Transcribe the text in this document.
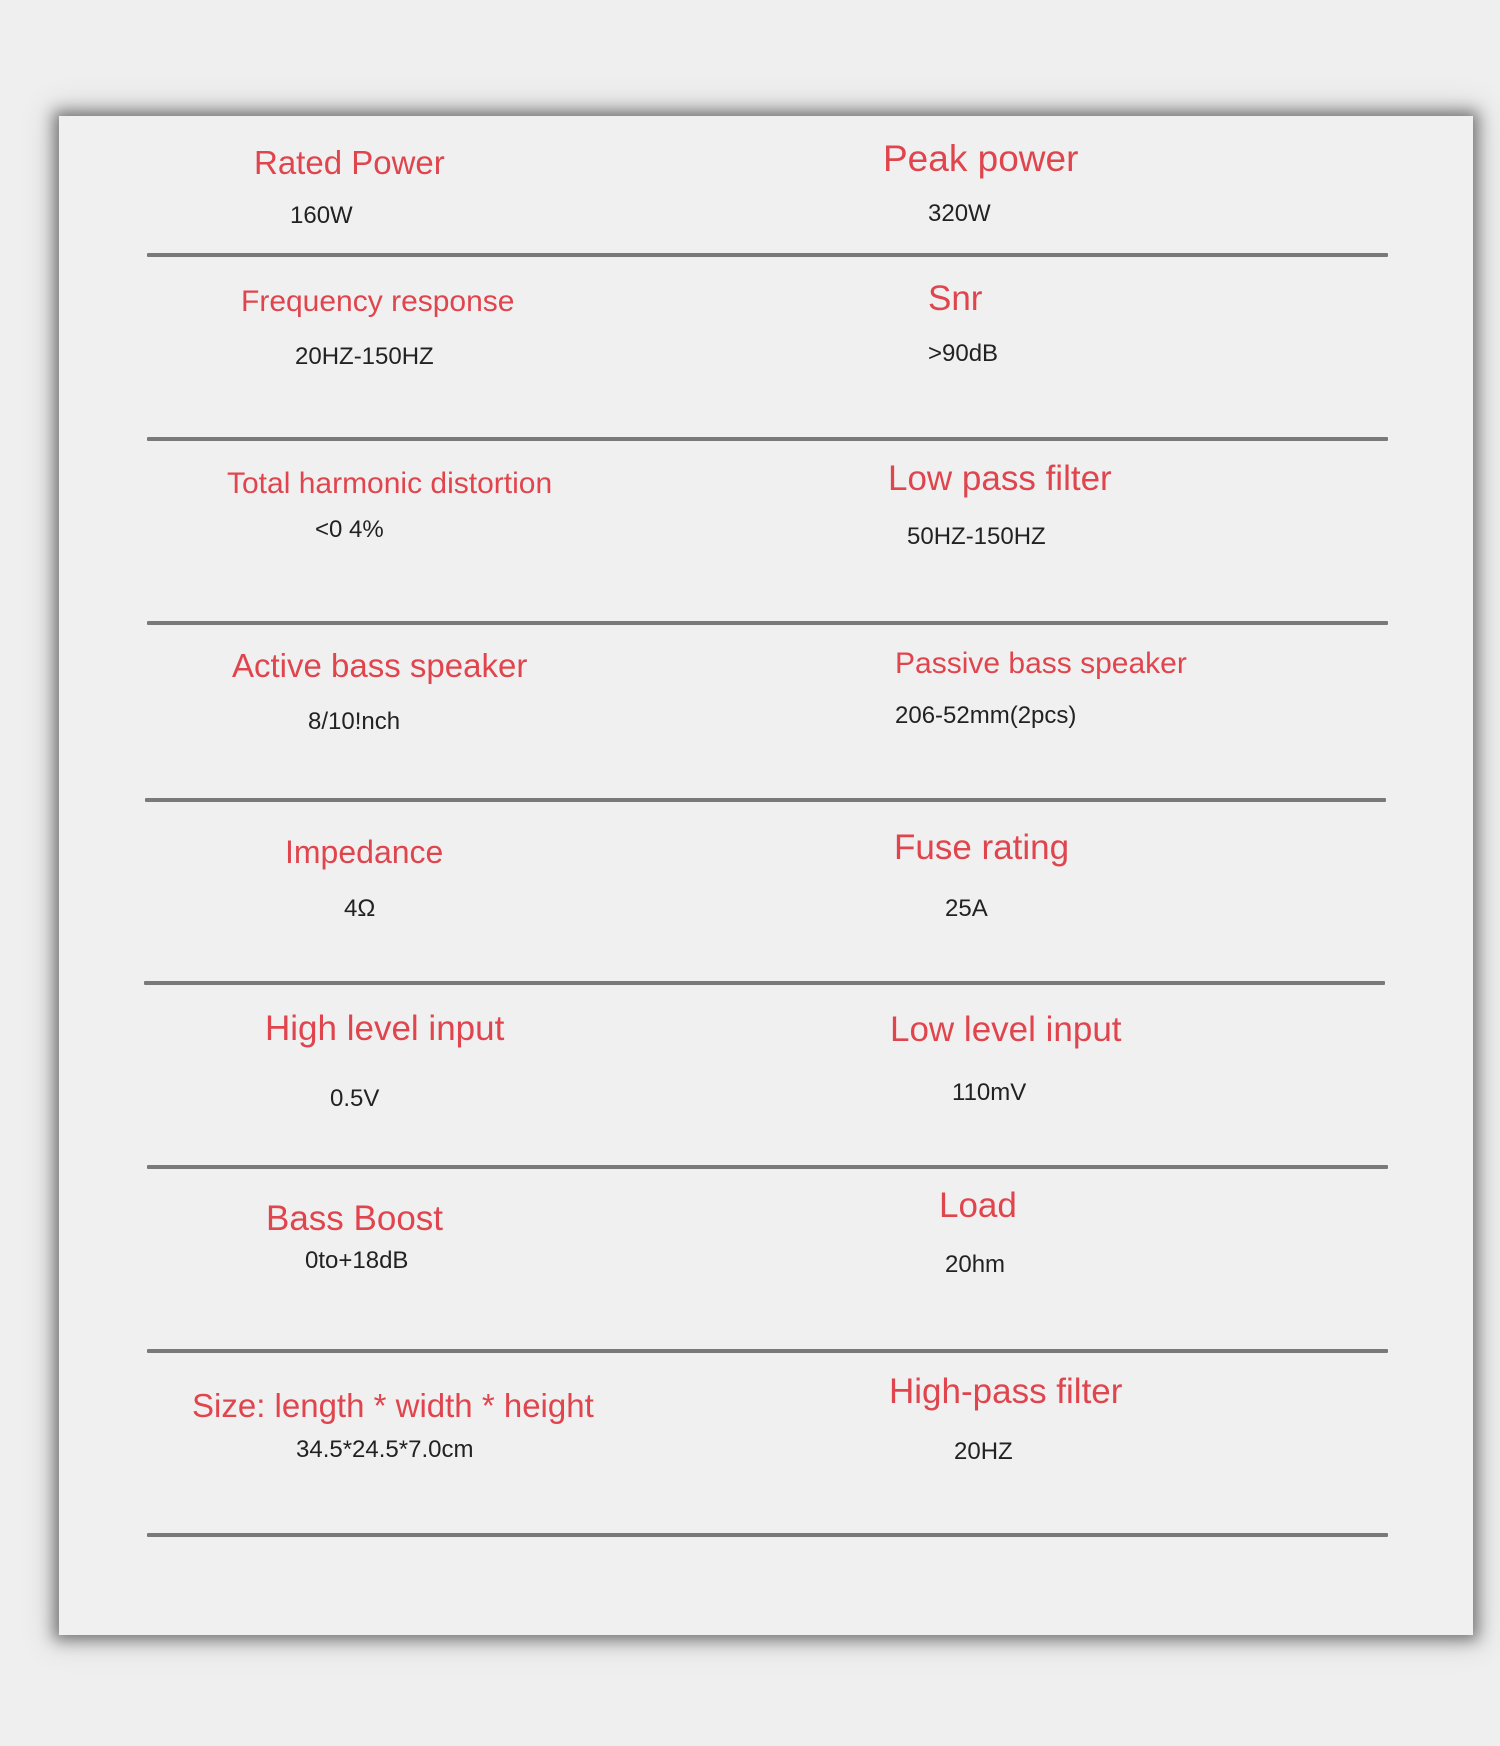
Rated Power
160W
Peak power
320W
Frequency response
20HZ-150HZ
Snr
>90dB
Total harmonic distortion
<0 4%
Low pass filter
50HZ-150HZ
Active bass speaker
8/10!nch
Passive bass speaker
206-52mm(2pcs)
Impedance
4Ω
Fuse rating
25A
High level input
0.5V
Low level input
110mV
Bass Boost
0to+18dB
Load
20hm
Size: length * width * height
34.5*24.5*7.0cm
High-pass filter
20HZ
